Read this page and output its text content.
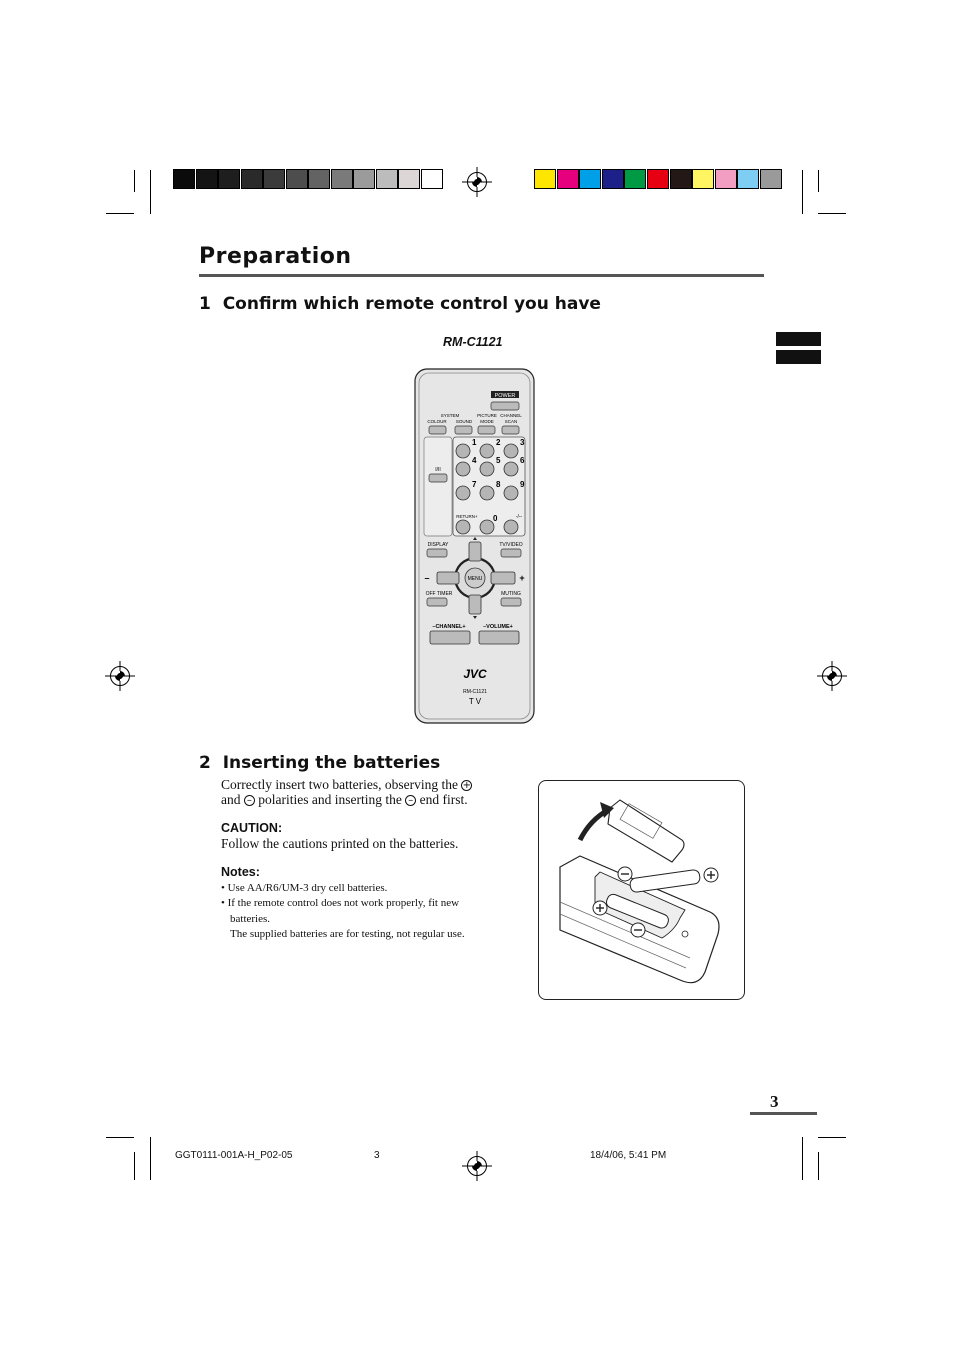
Preparation
1 Confirm which remote control you have
RM-C1121
POWER
SYSTEM
COLOUR SOUND
PICTURE
MODE
CHANNEL
SCAN
I/II
1 2 3
4 5 6
7 8 9
0
RETURN+	-/--
DISPLAY	TV/VIDEO
MENU
–	+
OFF TIMER	MUTING
–CHANNEL+	–VOLUME+
JVC
RM-C1121
T V
2 Inserting the batteries
Correctly insert two batteries, observing the +
and – polarities and inserting the – end first.
CAUTION:
Follow the cautions printed on the batteries.
Notes:
• Use AA/R6/UM-3 dry cell batteries.
• If the remote control does not work properly, fit new
batteries.
The supplied batteries are for testing, not regular use.
3
GGT0111-001A-H_P02-05	3	18/4/06, 5:41 PM
